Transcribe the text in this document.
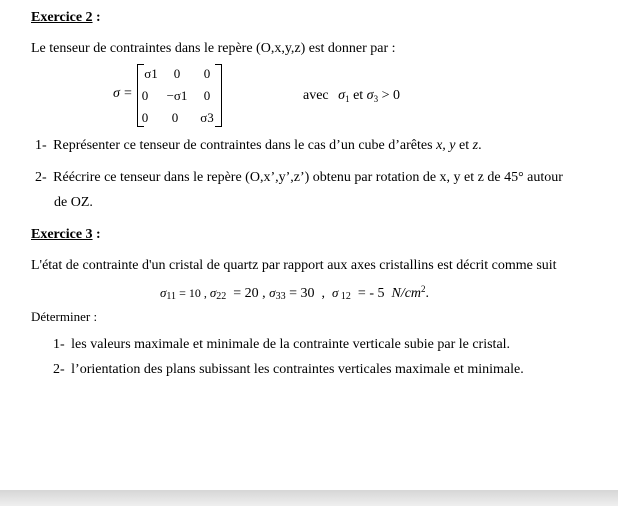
Exercice 2 :
Le tenseur de contraintes dans le repère (O,x,y,z) est donner par :
σ =
σ1	0	0
0	−σ1	0
0	0	σ3
avec $\sigma_1$ et $\sigma_3 > 0$
1- Représenter ce tenseur de contraintes dans le cas d’un cube d’arêtes x, y et z.
2- Réécrire ce tenseur dans le repère (O,x’,y’,z’) obtenu par rotation de x, y et z de 45° autour
de OZ.
Exercice 3 :
L'état de contrainte d'un cristal de quartz par rapport aux axes cristallins est décrit comme suit
σ11 = 10 , σ22  = 20 , σ33 = 30  ,  σ 12  = - 5  $N/cm^2$.
Déterminer :
1- les valeurs maximale et minimale de la contrainte verticale subie par le cristal.
2- l’orientation des plans subissant les contraintes verticales maximale et minimale.
